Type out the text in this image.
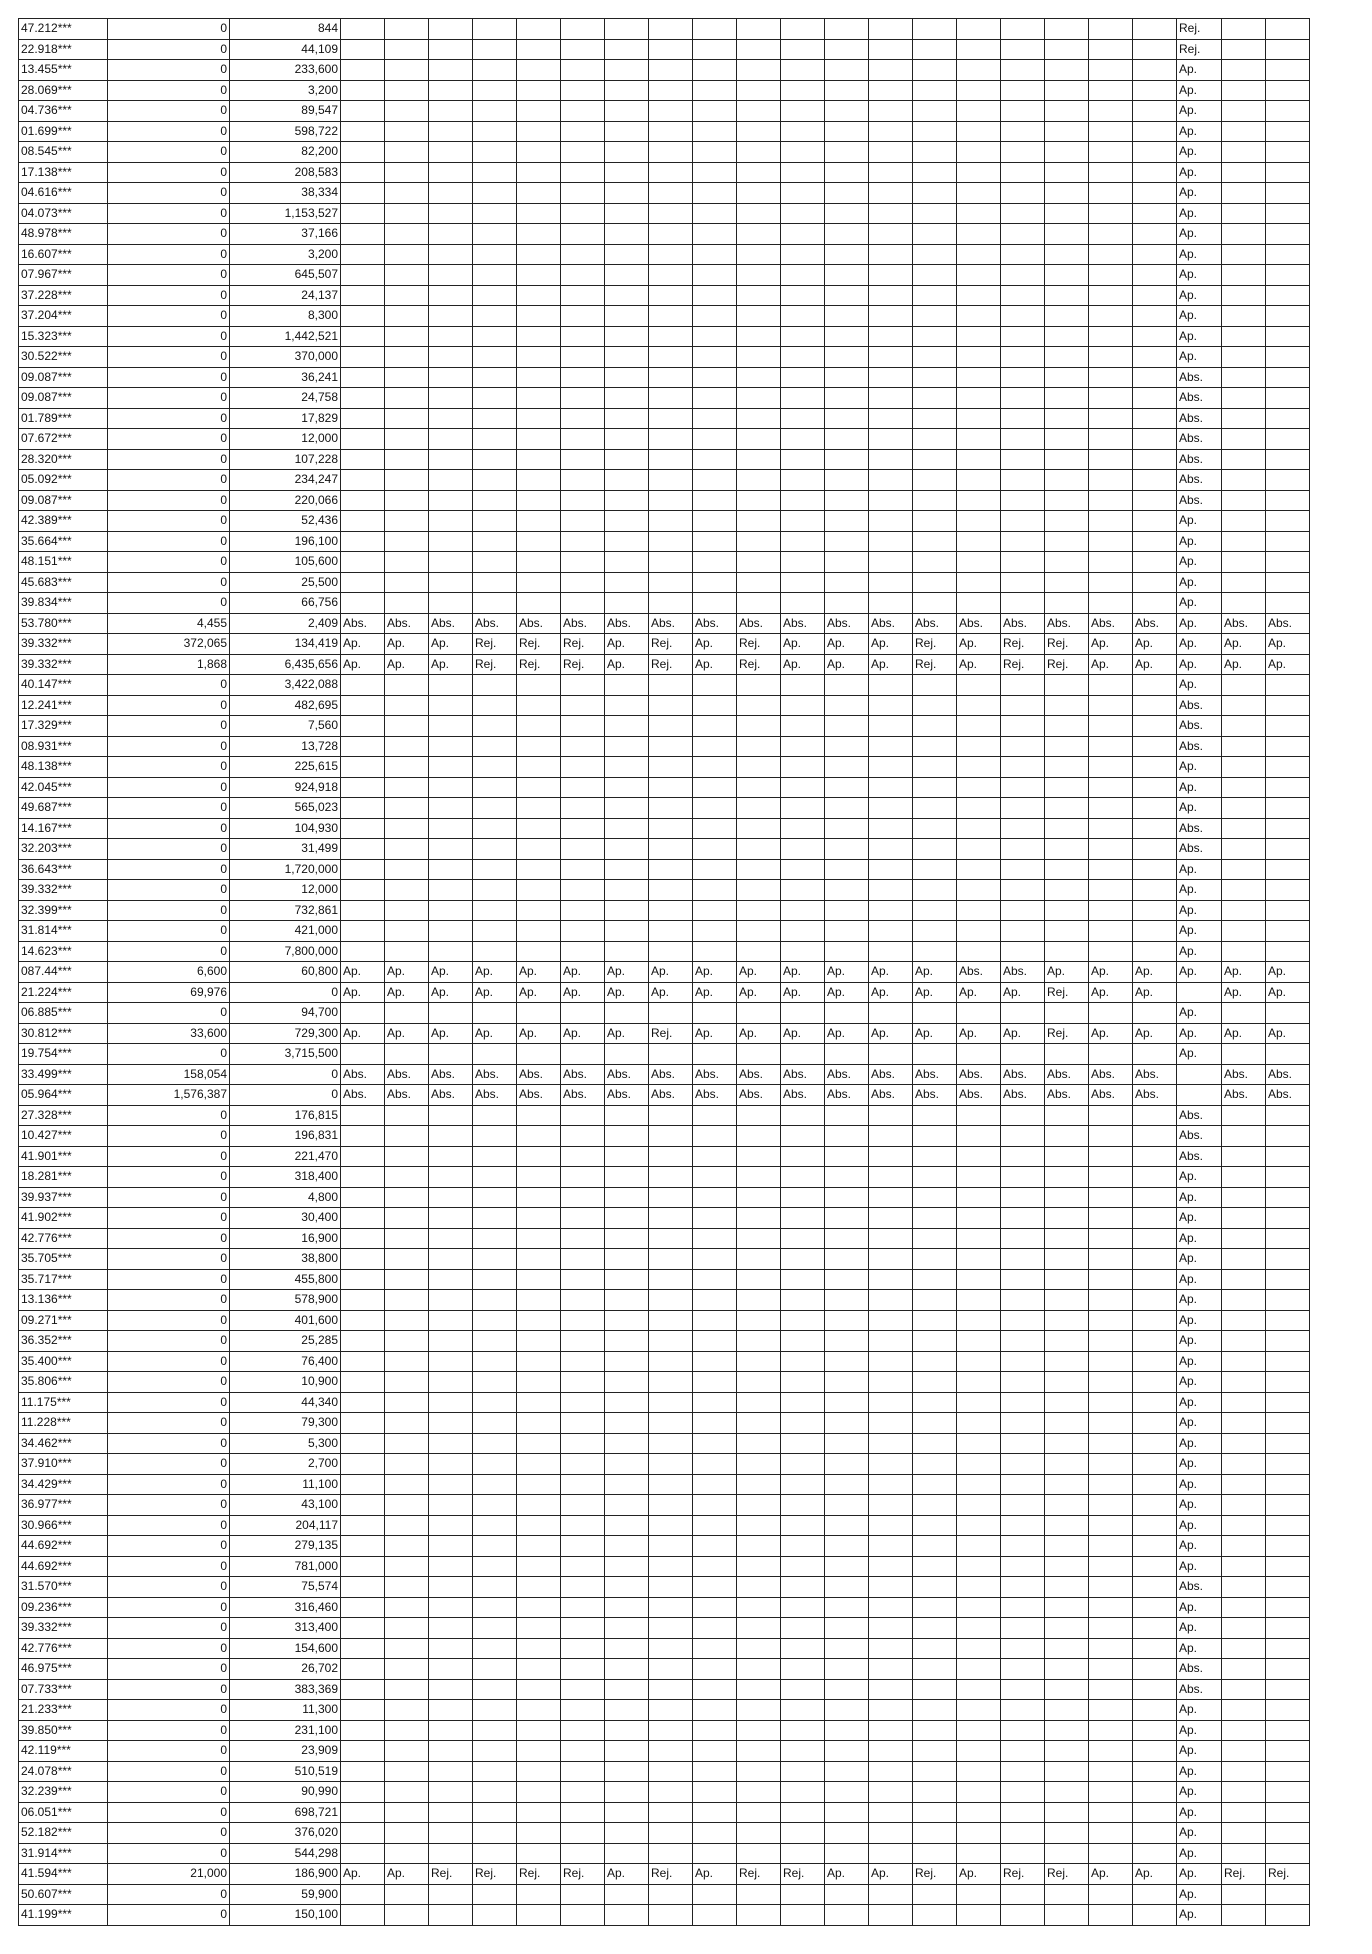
47.212***	0	844																				Rej.		
22.918***	0	44,109																				Rej.		
13.455***	0	233,600																				Ap.		
28.069***	0	3,200																				Ap.		
04.736***	0	89,547																				Ap.		
01.699***	0	598,722																				Ap.		
08.545***	0	82,200																				Ap.		
17.138***	0	208,583																				Ap.		
04.616***	0	38,334																				Ap.		
04.073***	0	1,153,527																				Ap.		
48.978***	0	37,166																				Ap.		
16.607***	0	3,200																				Ap.		
07.967***	0	645,507																				Ap.		
37.228***	0	24,137																				Ap.		
37.204***	0	8,300																				Ap.		
15.323***	0	1,442,521																				Ap.		
30.522***	0	370,000																				Ap.		
09.087***	0	36,241																				Abs.		
09.087***	0	24,758																				Abs.		
01.789***	0	17,829																				Abs.		
07.672***	0	12,000																				Abs.		
28.320***	0	107,228																				Abs.		
05.092***	0	234,247																				Abs.		
09.087***	0	220,066																				Abs.		
42.389***	0	52,436																				Ap.		
35.664***	0	196,100																				Ap.		
48.151***	0	105,600																				Ap.		
45.683***	0	25,500																				Ap.		
39.834***	0	66,756																				Ap.		
53.780***	4,455	2,409	Abs.	Abs.	Abs.	Abs.	Abs.	Abs.	Abs.	Abs.	Abs.	Abs.	Abs.	Abs.	Abs.	Abs.	Abs.	Abs.	Abs.	Abs.	Abs.	Ap.	Abs.	Abs.
39.332***	372,065	134,419	Ap.	Ap.	Ap.	Rej.	Rej.	Rej.	Ap.	Rej.	Ap.	Rej.	Ap.	Ap.	Ap.	Rej.	Ap.	Rej.	Rej.	Ap.	Ap.	Ap.	Ap.	Ap.
39.332***	1,868	6,435,656	Ap.	Ap.	Ap.	Rej.	Rej.	Rej.	Ap.	Rej.	Ap.	Rej.	Ap.	Ap.	Ap.	Rej.	Ap.	Rej.	Rej.	Ap.	Ap.	Ap.	Ap.	Ap.
40.147***	0	3,422,088																				Ap.		
12.241***	0	482,695																				Abs.		
17.329***	0	7,560																				Abs.		
08.931***	0	13,728																				Abs.		
48.138***	0	225,615																				Ap.		
42.045***	0	924,918																				Ap.		
49.687***	0	565,023																				Ap.		
14.167***	0	104,930																				Abs.		
32.203***	0	31,499																				Abs.		
36.643***	0	1,720,000																				Ap.		
39.332***	0	12,000																				Ap.		
32.399***	0	732,861																				Ap.		
31.814***	0	421,000																				Ap.		
14.623***	0	7,800,000																				Ap.		
087.44***	6,600	60,800	Ap.	Ap.	Ap.	Ap.	Ap.	Ap.	Ap.	Ap.	Ap.	Ap.	Ap.	Ap.	Ap.	Ap.	Abs.	Abs.	Ap.	Ap.	Ap.	Ap.	Ap.	Ap.
21.224***	69,976	0	Ap.	Ap.	Ap.	Ap.	Ap.	Ap.	Ap.	Ap.	Ap.	Ap.	Ap.	Ap.	Ap.	Ap.	Ap.	Ap.	Rej.	Ap.	Ap.		Ap.	Ap.
06.885***	0	94,700																				Ap.		
30.812***	33,600	729,300	Ap.	Ap.	Ap.	Ap.	Ap.	Ap.	Ap.	Rej.	Ap.	Ap.	Ap.	Ap.	Ap.	Ap.	Ap.	Ap.	Rej.	Ap.	Ap.	Ap.	Ap.	Ap.
19.754***	0	3,715,500																				Ap.		
33.499***	158,054	0	Abs.	Abs.	Abs.	Abs.	Abs.	Abs.	Abs.	Abs.	Abs.	Abs.	Abs.	Abs.	Abs.	Abs.	Abs.	Abs.	Abs.	Abs.	Abs.		Abs.	Abs.
05.964***	1,576,387	0	Abs.	Abs.	Abs.	Abs.	Abs.	Abs.	Abs.	Abs.	Abs.	Abs.	Abs.	Abs.	Abs.	Abs.	Abs.	Abs.	Abs.	Abs.	Abs.		Abs.	Abs.
27.328***	0	176,815																				Abs.		
10.427***	0	196,831																				Abs.		
41.901***	0	221,470																				Abs.		
18.281***	0	318,400																				Ap.		
39.937***	0	4,800																				Ap.		
41.902***	0	30,400																				Ap.		
42.776***	0	16,900																				Ap.		
35.705***	0	38,800																				Ap.		
35.717***	0	455,800																				Ap.		
13.136***	0	578,900																				Ap.		
09.271***	0	401,600																				Ap.		
36.352***	0	25,285																				Ap.		
35.400***	0	76,400																				Ap.		
35.806***	0	10,900																				Ap.		
11.175***	0	44,340																				Ap.		
11.228***	0	79,300																				Ap.		
34.462***	0	5,300																				Ap.		
37.910***	0	2,700																				Ap.		
34.429***	0	11,100																				Ap.		
36.977***	0	43,100																				Ap.		
30.966***	0	204,117																				Ap.		
44.692***	0	279,135																				Ap.		
44.692***	0	781,000																				Ap.		
31.570***	0	75,574																				Abs.		
09.236***	0	316,460																				Ap.		
39.332***	0	313,400																				Ap.		
42.776***	0	154,600																				Ap.		
46.975***	0	26,702																				Abs.		
07.733***	0	383,369																				Abs.		
21.233***	0	11,300																				Ap.		
39.850***	0	231,100																				Ap.		
42.119***	0	23,909																				Ap.		
24.078***	0	510,519																				Ap.		
32.239***	0	90,990																				Ap.		
06.051***	0	698,721																				Ap.		
52.182***	0	376,020																				Ap.		
31.914***	0	544,298																				Ap.		
41.594***	21,000	186,900	Ap.	Ap.	Rej.	Rej.	Rej.	Rej.	Ap.	Rej.	Ap.	Rej.	Rej.	Ap.	Ap.	Rej.	Ap.	Rej.	Rej.	Ap.	Ap.	Ap.	Rej.	Rej.
50.607***	0	59,900																				Ap.		
41.199***	0	150,100																				Ap.		
